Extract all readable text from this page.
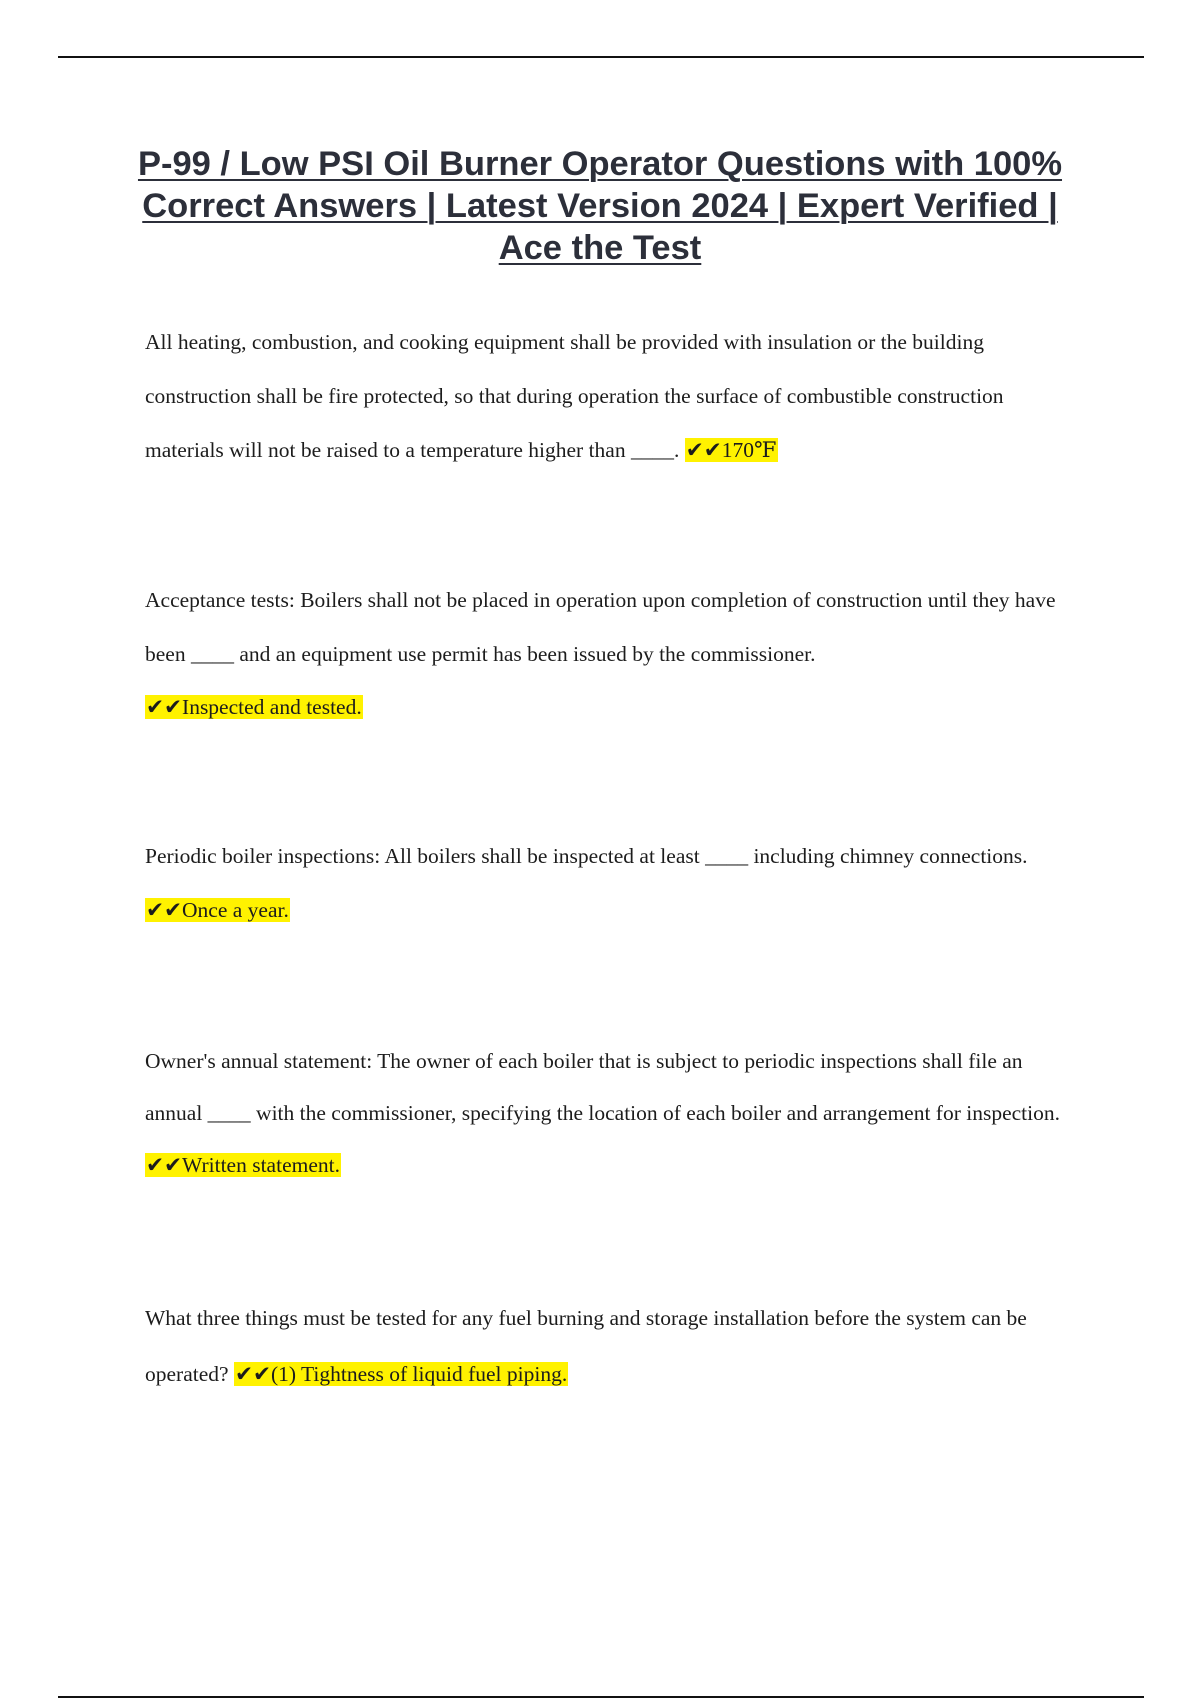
P-99 / Low PSI Oil Burner Operator Questions with 100% Correct Answers | Latest Version 2024 | Expert Verified | Ace the Test

All heating, combustion, and cooking equipment shall be provided with insulation or the building construction shall be fire protected, so that during operation the surface of combustible construction materials will not be raised to a temperature higher than ____. ✔✔170℉

Acceptance tests: Boilers shall not be placed in operation upon completion of construction until they have been ____ and an equipment use permit has been issued by the commissioner.
✔✔Inspected and tested.

Periodic boiler inspections: All boilers shall be inspected at least ____ including chimney connections. ✔✔Once a year.

Owner's annual statement: The owner of each boiler that is subject to periodic inspections shall file an annual ____ with the commissioner, specifying the location of each boiler and arrangement for inspection. ✔✔Written statement.

What three things must be tested for any fuel burning and storage installation before the system can be operated? ✔✔(1) Tightness of liquid fuel piping.
